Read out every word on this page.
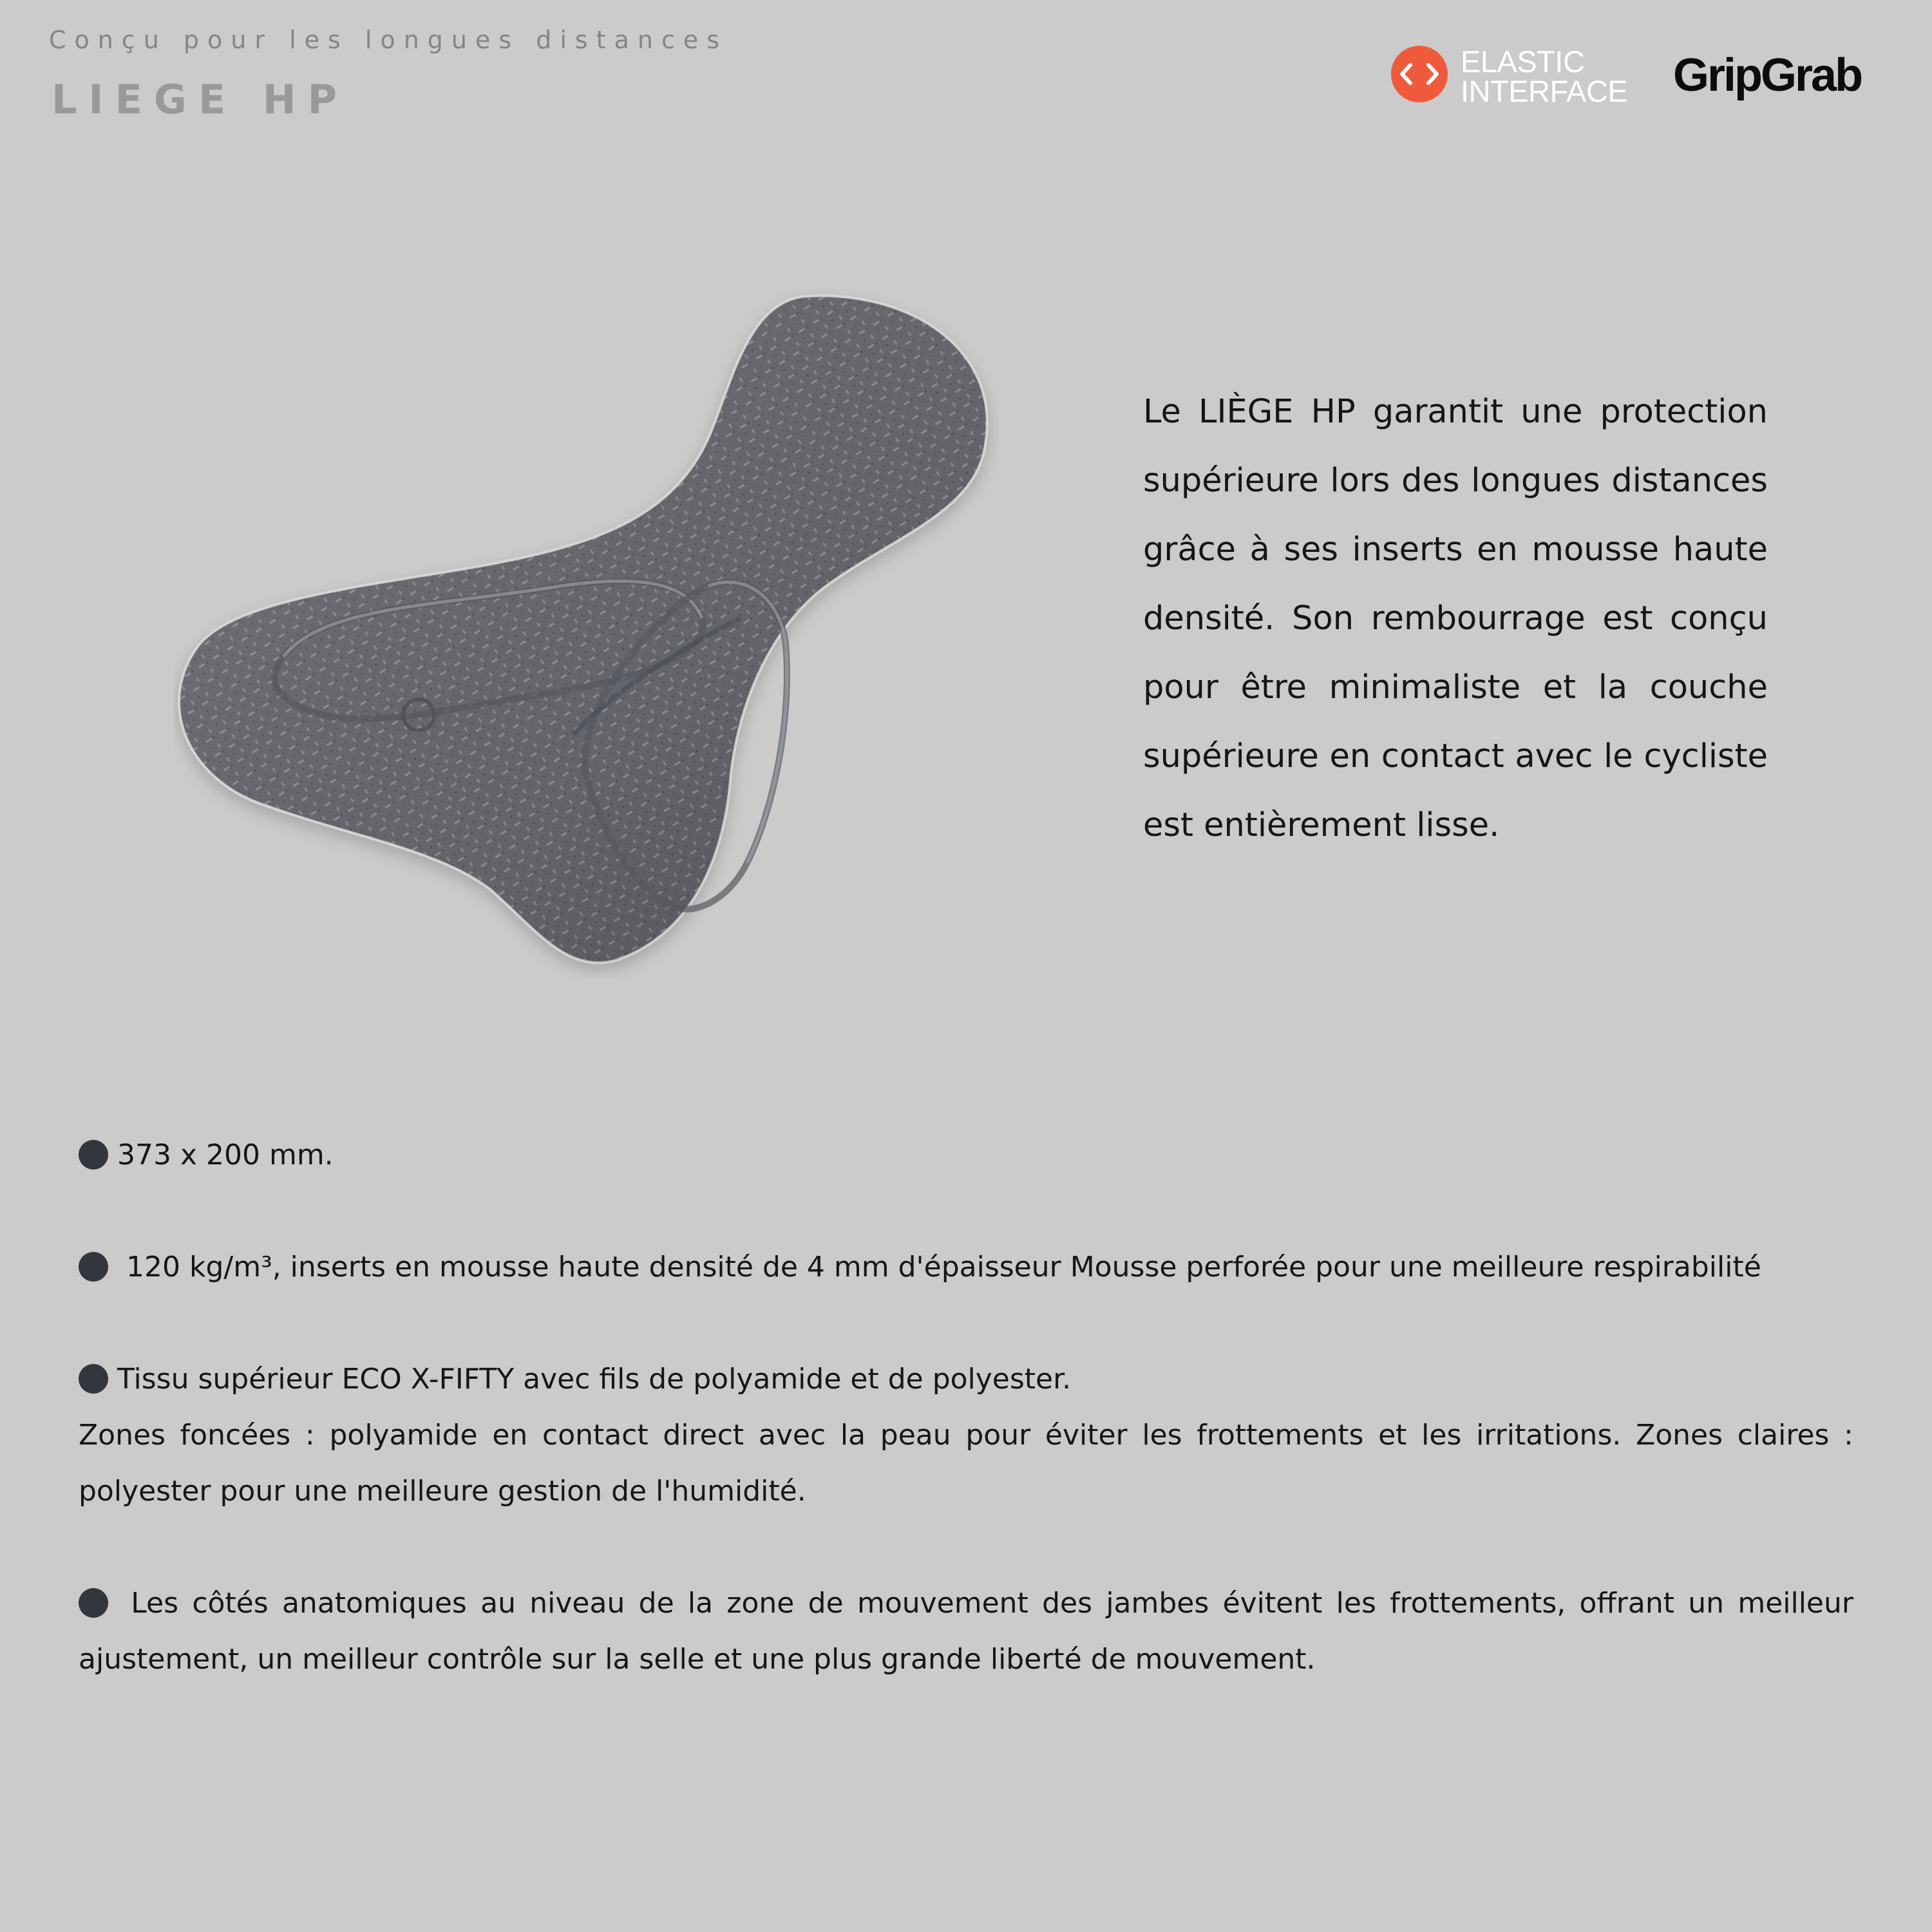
Conçu pour les longues distances
LIEGE HP
ELASTIC
INTERFACE GripGrab
Le LIÈGE HP garantit une protection supérieure lors des longues distances grâce à ses inserts en mousse haute densité. Son rembourrage est conçu pour être minimaliste et la couche supérieure en contact avec le cycliste est entièrement lisse.
373 x 200 mm.
120 kg/m³, inserts en mousse haute densité de 4 mm d'épaisseur Mousse perforée pour une meilleure respirabilité

Tissu supérieur ECO X-FIFTY avec fils de polyamide et de polyester.

Zones foncées : polyamide en contact direct avec la peau pour éviter les frottements et les irritations. Zones claires : polyester pour une meilleure gestion de l'humidité.

Les côtés anatomiques au niveau de la zone de mouvement des jambes évitent les frottements, offrant un meilleur ajustement, un meilleur contrôle sur la selle et une plus grande liberté de mouvement.
